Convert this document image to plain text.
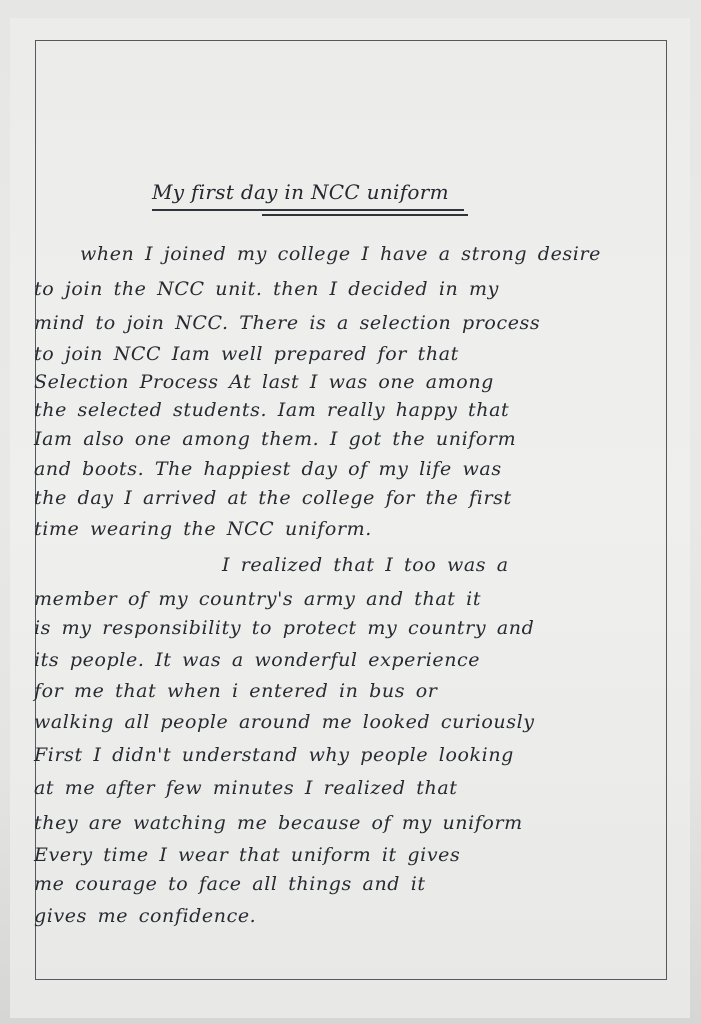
My first day in NCC uniform
when I joined my college I have a strong desire
to join the NCC unit. then I decided in my
mind to join NCC. There is a selection process
to join NCC Iam well prepared for that
Selection Process At last I was one among
the selected students. Iam really happy that
Iam also one among them. I got the uniform
and boots. The happiest day of my life was
the day I arrived at the college for the first
time wearing the NCC uniform.
I realized that I too was a
member of my country's army and that it
is my responsibility to protect my country and
its people. It was a wonderful experience
for me that when i entered in bus or
walking all people around me looked curiously
First I didn't understand why people looking
at me after few minutes I realized that
they are watching me because of my uniform
Every time I wear that uniform it gives
me courage to face all things and it
gives me confidence.
